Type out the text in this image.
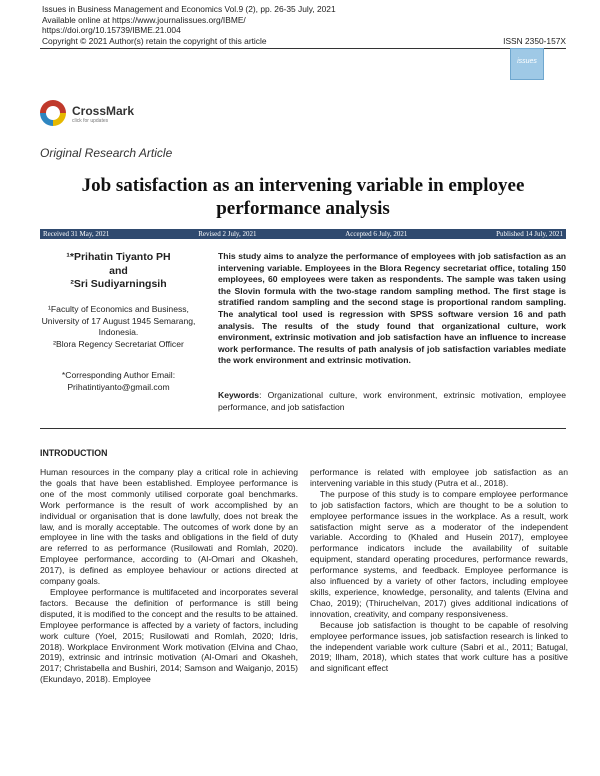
Issues in Business Management and Economics Vol.9 (2), pp. 26-35 July, 2021
Available online at https://www.journalissues.org/IBME/
https://doi.org/10.15739/IBME.21.004
Copyright © 2021 Author(s) retain the copyright of this article	ISSN 2350-157X
issues
CrossMark
click for updates
Original Research Article
Job satisfaction as an intervening variable in employee performance analysis
Received 31 May, 2021	Revised 2 July, 2021	Accepted 6 July, 2021	Published 14 July, 2021
¹*Prihatin Tiyanto PH
and
²Sri Sudiyarningsih
¹Faculty of Economics and Business, University of 17 August 1945 Semarang, Indonesia.
²Blora Regency Secretariat Officer
*Corresponding Author Email:
Prihatintiyanto@gmail.com
This study aims to analyze the performance of employees with job satisfaction as an intervening variable. Employees in the Blora Regency secretariat office, totaling 150 employees, 60 employees were taken as respondents. The sample was taken using the Slovin formula with the two-stage random sampling method. The first stage is stratified random sampling and the second stage is proportional random sampling. The analytical tool used is regression with SPSS software version 16 and path analysis. The results of the study found that organizational culture, work environment, extrinsic motivation and job satisfaction have an influence to increase work performance. The results of path analysis of job satisfaction variables mediate the work environment and extrinsic motivation.
Keywords: Organizational culture, work environment, extrinsic motivation, employee performance, and job satisfaction
INTRODUCTION

Human resources in the company play a critical role in achieving the goals that have been established. Employee performance is one of the most commonly utilised corporate goal benchmarks. Work performance is the result of work accomplished by an individual or organisation that is done lawfully, does not break the law, and is morally acceptable. The outcomes of work done by an employee in line with the tasks and obligations in the field of duty are referred to as performance (Rusilowati and Romlah, 2020). Employee performance, according to (Al-Omari and Okasheh, 2017), is defined as employee behaviour or actions directed at company goals.

Employee performance is multifaceted and incorporates several factors. Because the definition of performance is still being disputed, it is modified to the concept and the results to be attained. Employee performance is affected by a variety of factors, including work culture (Yoel, 2015; Rusilowati and Romlah, 2020; Idris, 2018). Workplace Environment Work motivation (Elvina and Chao, 2019), extrinsic and intrinsic motivation (Al-Omari and Okasheh, 2017; Christabella and Bushiri, 2014; Samson and Waiganjo, 2015) (Ekundayo, 2018). Employee

performance is related with employee job satisfaction as an intervening variable in this study (Putra et al., 2018).

The purpose of this study is to compare employee performance to job satisfaction factors, which are thought to be a solution to employee performance issues in the workplace. As a result, work satisfaction might serve as a moderator of the independent variable. According to (Khaled and Husein 2017), employee performance indicators include the availability of suitable equipment, standard operating procedures, performance rewards, performance systems, and feedback. Employee performance is also influenced by a variety of other factors, including employee skills, experience, knowledge, personality, and talents (Elvina and Chao, 2019); (Thiruchelvan, 2017) gives additional indications of innovation, creativity, and company responsiveness.

Because job satisfaction is thought to be capable of resolving employee performance issues, job satisfaction research is linked to the independent variable work culture (Sabri et al., 2011; Batugal, 2019; Ilham, 2018), which states that work culture has a positive and significant effect
